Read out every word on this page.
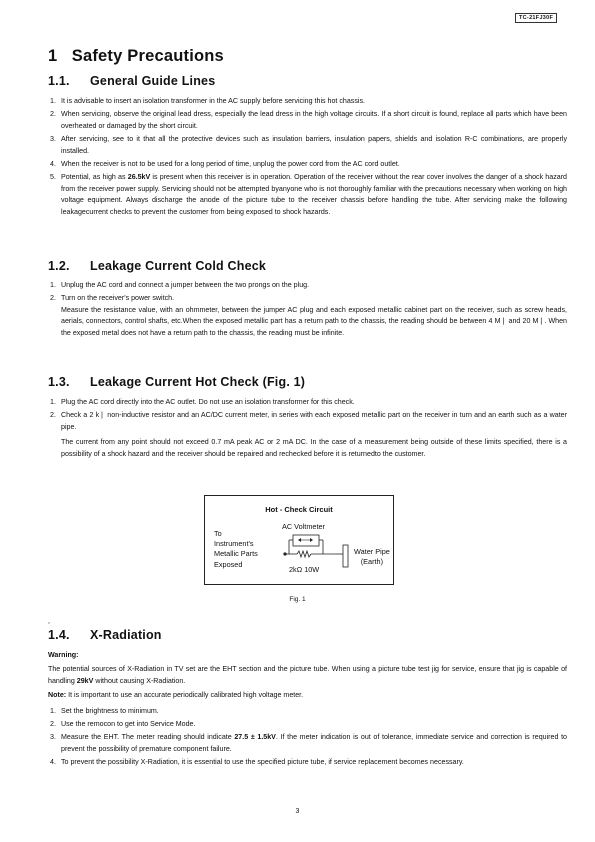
TC-21FJ30F
1 Safety Precautions
1.1. General Guide Lines
1. It is advisable to insert an isolation transformer in the AC supply before servicing this hot chassis.
2. When servicing, observe the original lead dress, especially the lead dress in the high voltage circuits. If a short circuit is found, replace all parts which have been overheated or damaged by the short circuit.
3. After servicing, see to it that all the protective devices such as insulation barriers, insulation papers, shields and isolation R-C combinations, are properly installed.
4. When the receiver is not to be used for a long period of time, unplug the power cord from the AC cord outlet.
5. Potential, as high as 26.5kV is present when this receiver is in operation. Operation of the receiver without the rear cover involves the danger of a shock hazard from the receiver power supply. Servicing should not be attempted byanyone who is not thoroughly familiar with the precautions necessary when working on high voltage equipment. Always discharge the anode of the picture tube to the receiver chassis before handling the tube. After servicing make the following leakagecurrent checks to prevent the customer from being exposed to shock hazards.
1.2. Leakage Current Cold Check
1. Unplug the AC cord and connect a jumper between the two prongs on the plug.
2. Turn on the receiver's power switch.

Measure the resistance value, with an ohmmeter, between the jumper AC plug and each exposed metallic cabinet part on the receiver, such as screw heads, aerials, connectors, control shafts, etc.When the exposed metallic part has a return path to the chassis, the reading should be between 4 M❘ and 20 M❘. When the exposed metal does not have a return path to the chassis, the reading must be infinite.

1.3. Leakage Current Hot Check (Fig. 1)
1. Plug the AC cord directly into the AC outlet. Do not use an isolation transformer for this check.
2. Check a 2 k❘ non-inductive resistor and an AC/DC current meter, in series with each exposed metallic part on the receiver in turn and an earth such as a water pipe.

The current from any point should not exceed 0.7 mA peak AC or 2 mA DC. In the case of a measurement being outside of these limits specified, there is a possibility of a shock hazard and the receiver should be repaired and rechecked before it is returnedto the customer.

Hot - Check Circuit
AC Voltmeter
To
Instrument's
Metallic Parts
Exposed
Water Pipe
(Earth)
2kΩ 10W
Fig. 1
,
1.4. X-Radiation

Warning:

The potential sources of X-Radiation in TV set are the EHT section and the picture tube. When using a picture tube test jig for service, ensure that jig is capable of handling 29kV without causing X-Radiation.

Note: It is important to use an accurate periodically calibrated high voltage meter.

1. Set the brightness to minimum.
2. Use the remocon to get into Service Mode.
3. Measure the EHT. The meter reading should indicate 27.5 ± 1.5kV. If the meter indication is out of tolerance, immediate service and correction is required to prevent the possibility of premature component failure.
4. To prevent the possibility X-Radiation, it is essential to use the specified picture tube, if service replacement becomes necessary.
3
